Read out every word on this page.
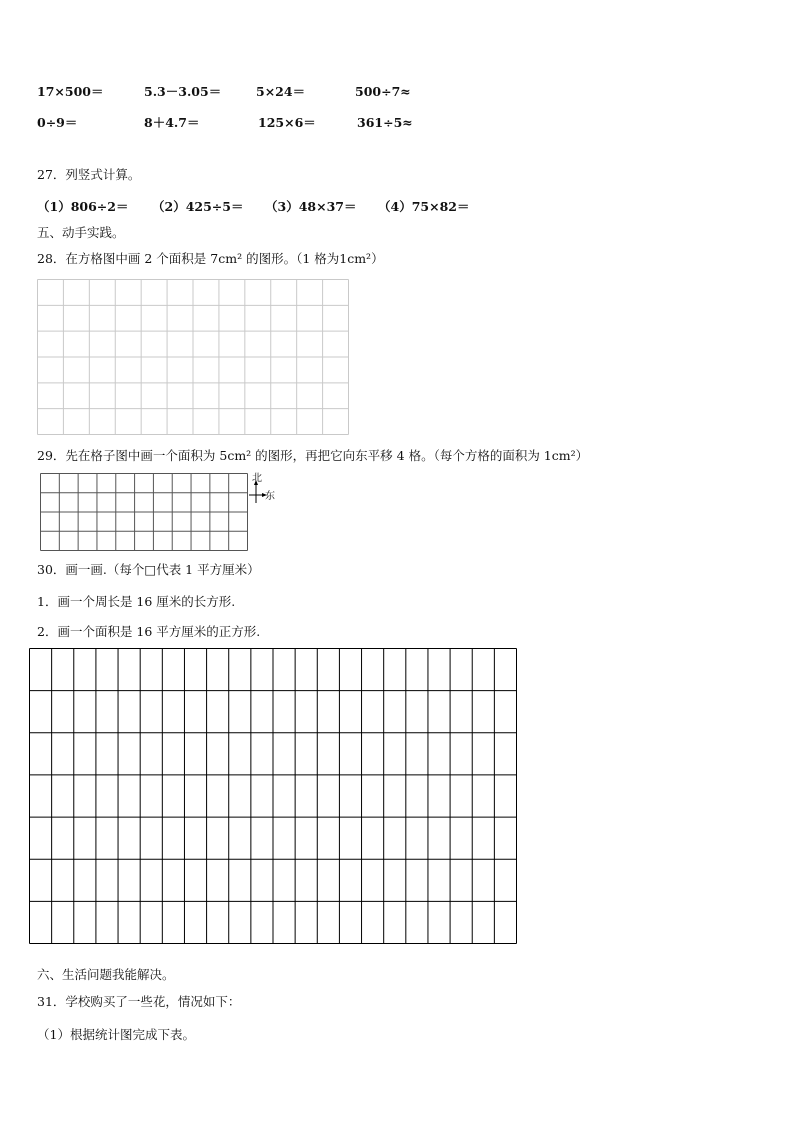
17×500＝	5.3－3.05＝	5×24＝	500÷7≈
0÷9＝	8＋4.7＝	125×6＝	361÷5≈
27．列竖式计算。
（1）806÷2＝ （2）425÷5＝ （3）48×37＝ （4）75×82＝
五、动手实践。
28．在方格图中画 2 个面积是 7cm² 的图形。（1 格为1cm²）
29．先在格子图中画一个面积为 5cm² 的图形，再把它向东平移 4 格。（每个方格的面积为 1cm²）
北
东
30．画一画.（每个□代表 1 平方厘米）
1．画一个周长是 16 厘米的长方形.
2．画一个面积是 16 平方厘米的正方形.
六、生活问题我能解决。
31．学校购买了一些花，情况如下：
（1）根据统计图完成下表。
